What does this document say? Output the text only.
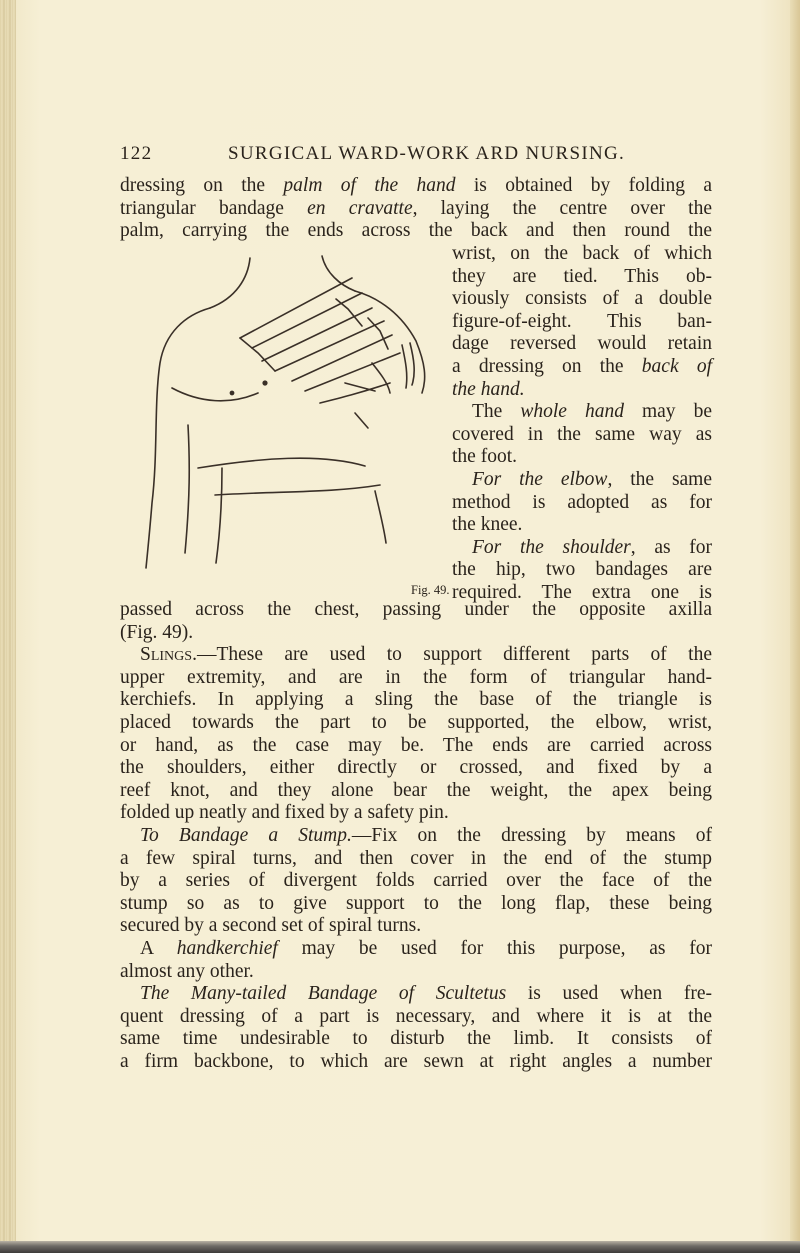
122	SURGICAL WARD-WORK ARD NURSING.
dressing on the palm of the hand is obtained by folding a
triangular bandage en cravatte, laying the centre over the
palm, carrying the ends across the back and then round the
wrist, on the back of which
they are tied. This ob-
viously consists of a double
figure-of-eight. This ban-
dage reversed would retain
a dressing on the back of
the hand.
The whole hand may be
covered in the same way as
the foot.
For the elbow, the same
method is adopted as for
the knee.
For the shoulder, as for
the hip, two bandages are
required. The extra one is
Fig. 49.
passed across the chest, passing under the opposite axilla
(Fig. 49).
Slings.—These are used to support different parts of the
upper extremity, and are in the form of triangular hand-
kerchiefs. In applying a sling the base of the triangle is
placed towards the part to be supported, the elbow, wrist,
or hand, as the case may be. The ends are carried across
the shoulders, either directly or crossed, and fixed by a
reef knot, and they alone bear the weight, the apex being
folded up neatly and fixed by a safety pin.
To Bandage a Stump.—Fix on the dressing by means of
a few spiral turns, and then cover in the end of the stump
by a series of divergent folds carried over the face of the
stump so as to give support to the long flap, these being
secured by a second set of spiral turns.
A handkerchief may be used for this purpose, as for
almost any other.
The Many-tailed Bandage of Scultetus is used when fre-
quent dressing of a part is necessary, and where it is at the
same time undesirable to disturb the limb. It consists of
a firm backbone, to which are sewn at right angles a number
